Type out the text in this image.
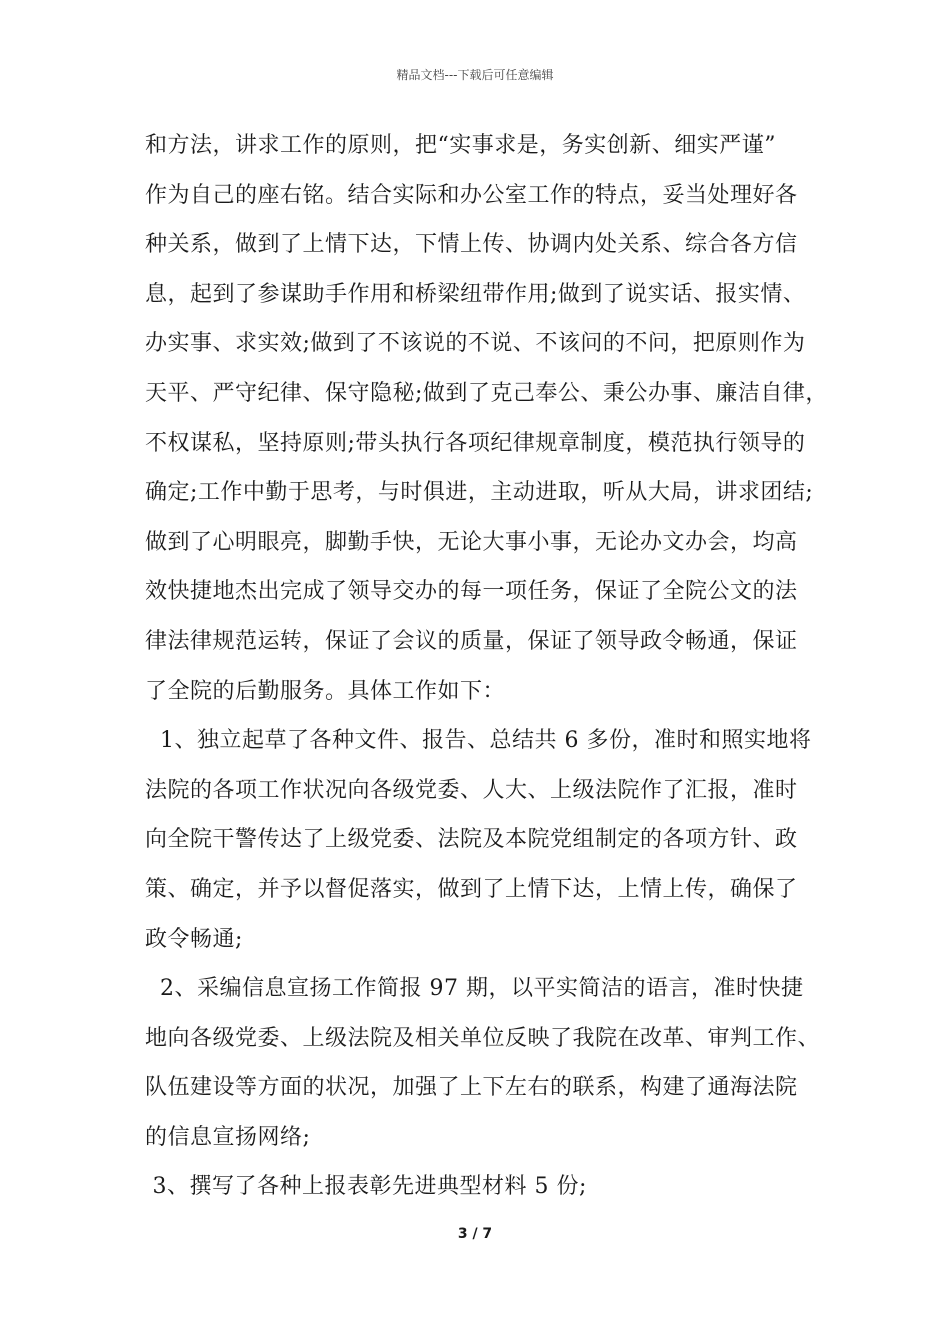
精品文档---下载后可任意编辑
和方法，讲求工作的原则，把“实事求是，务实创新、细实严谨”
作为自己的座右铭。结合实际和办公室工作的特点，妥当处理好各
种关系，做到了上情下达，下情上传、协调内处关系、综合各方信
息，起到了参谋助手作用和桥梁纽带作用;做到了说实话、报实情、
办实事、求实效;做到了不该说的不说、不该问的不问，把原则作为
天平、严守纪律、保守隐秘;做到了克己奉公、秉公办事、廉洁自律，
不权谋私，坚持原则;带头执行各项纪律规章制度，模范执行领导的
确定;工作中勤于思考，与时俱进，主动进取，听从大局，讲求团结;
做到了心明眼亮，脚勤手快，无论大事小事，无论办文办会，均高
效快捷地杰出完成了领导交办的每一项任务，保证了全院公文的法
律法律规范运转，保证了会议的质量，保证了领导政令畅通，保证
了全院的后勤服务。具体工作如下：
1、独立起草了各种文件、报告、总结共 6 多份，准时和照实地将
法院的各项工作状况向各级党委、人大、上级法院作了汇报，准时
向全院干警传达了上级党委、法院及本院党组制定的各项方针、政
策、确定，并予以督促落实，做到了上情下达，上情上传，确保了
政令畅通;
2、采编信息宣扬工作简报 97 期，以平实简洁的语言，准时快捷
地向各级党委、上级法院及相关单位反映了我院在改革、审判工作、
队伍建设等方面的状况，加强了上下左右的联系，构建了通海法院
的信息宣扬网络;
3、撰写了各种上报表彰先进典型材料 5 份;
3 / 7
